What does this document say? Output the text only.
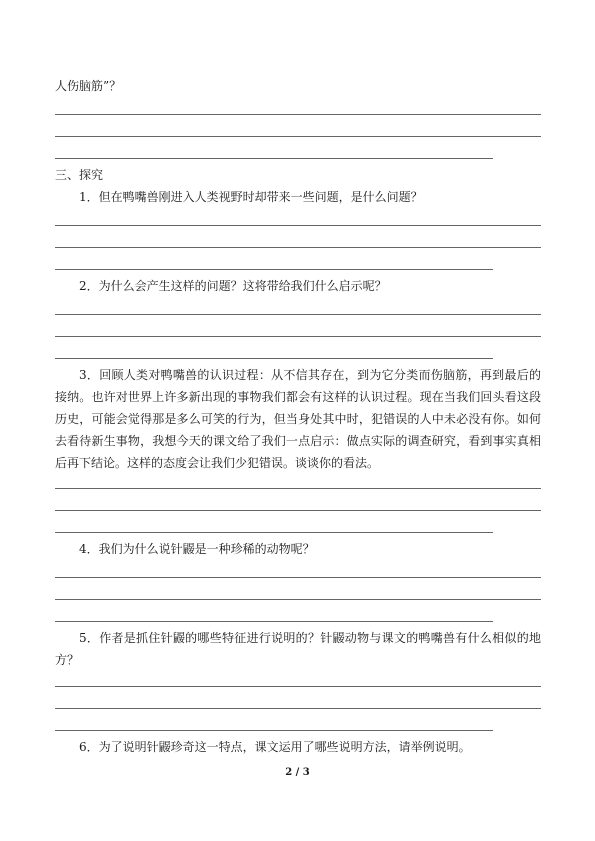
人伤脑筋”？
三、探究
1．但在鸭嘴兽刚进入人类视野时却带来一些问题，是什么问题？
2．为什么会产生这样的问题？这将带给我们什么启示呢？
3．回顾人类对鸭嘴兽的认识过程：从不信其存在，到为它分类而伤脑筋，再到最后的接纳。也许对世界上许多新出现的事物我们都会有这样的认识过程。现在当我们回头看这段历史，可能会觉得那是多么可笑的行为，但当身处其中时，犯错误的人中未必没有你。如何去看待新生事物，我想今天的课文给了我们一点启示：做点实际的调查研究，看到事实真相后再下结论。这样的态度会让我们少犯错误。谈谈你的看法。
4．我们为什么说针鼹是一种珍稀的动物呢？
5．作者是抓住针鼹的哪些特征进行说明的？针鼹动物与课文的鸭嘴兽有什么相似的地方？
6．为了说明针鼹珍奇这一特点，课文运用了哪些说明方法，请举例说明。
2 / 3
